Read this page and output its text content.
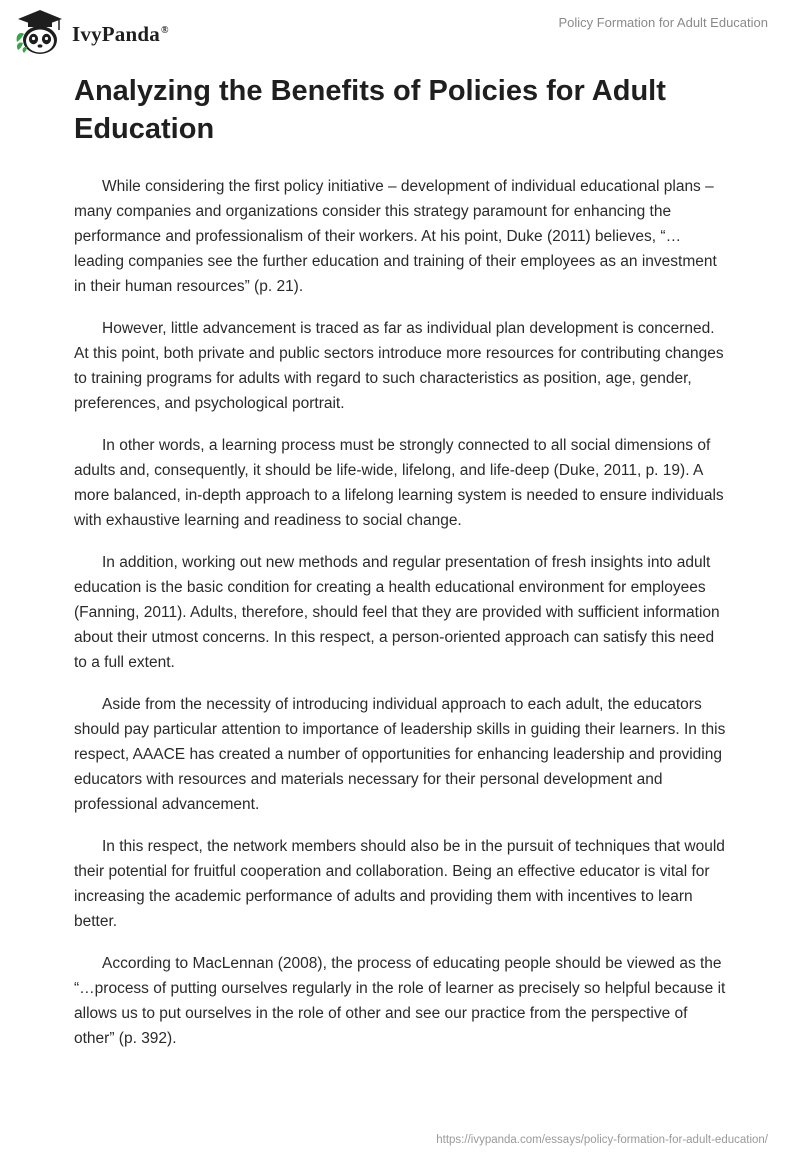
IvyPanda®	Policy Formation for Adult Education
Analyzing the Benefits of Policies for Adult Education

While considering the first policy initiative – development of individual educational plans – many companies and organizations consider this strategy paramount for enhancing the performance and professionalism of their workers. At his point, Duke (2011) believes, “…leading companies see the further education and training of their employees as an investment in their human resources” (p. 21).

However, little advancement is traced as far as individual plan development is concerned. At this point, both private and public sectors introduce more resources for contributing changes to training programs for adults with regard to such characteristics as position, age, gender, preferences, and psychological portrait.

In other words, a learning process must be strongly connected to all social dimensions of adults and, consequently, it should be life-wide, lifelong, and life-deep (Duke, 2011, p. 19). A more balanced, in-depth approach to a lifelong learning system is needed to ensure individuals with exhaustive learning and readiness to social change.

In addition, working out new methods and regular presentation of fresh insights into adult education is the basic condition for creating a health educational environment for employees (Fanning, 2011). Adults, therefore, should feel that they are provided with sufficient information about their utmost concerns. In this respect, a person-oriented approach can satisfy this need to a full extent.

Aside from the necessity of introducing individual approach to each adult, the educators should pay particular attention to importance of leadership skills in guiding their learners. In this respect, AAACE has created a number of opportunities for enhancing leadership and providing educators with resources and materials necessary for their personal development and professional advancement.

In this respect, the network members should also be in the pursuit of techniques that would their potential for fruitful cooperation and collaboration. Being an effective educator is vital for increasing the academic performance of adults and providing them with incentives to learn better.

According to MacLennan (2008), the process of educating people should be viewed as the “…process of putting ourselves regularly in the role of learner as precisely so helpful because it allows us to put ourselves in the role of other and see our practice from the perspective of other” (p. 392).

https://ivypanda.com/essays/policy-formation-for-adult-education/
